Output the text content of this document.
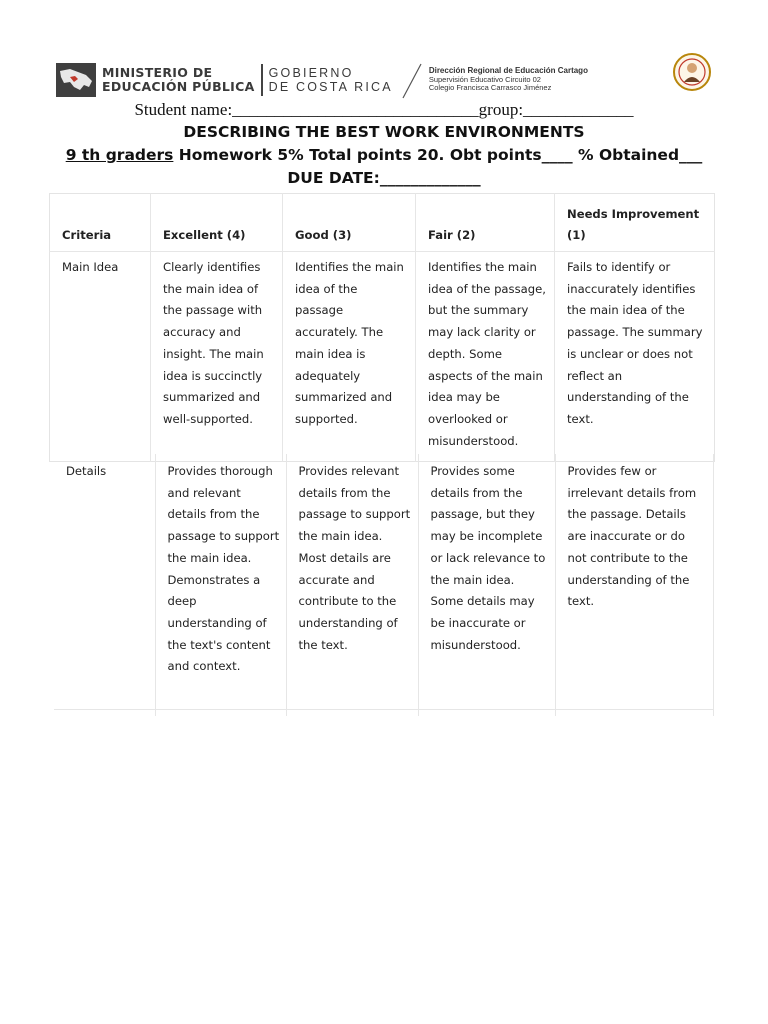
MINISTERIO DE
EDUCACIÓN PÚBLICA
GOBIERNO
DE COSTA RICA
Dirección Regional de Educación Cartago
Supervisión Educativo Circuito 02
Colegio Francisca Carrasco Jiménez
Student name:_____________________________group:_____________
DESCRIBING THE BEST WORK ENVIRONMENTS
9 th graders Homework 5% Total points 20. Obt points____ % Obtained___
DUE DATE:_____________
Criteria	Excellent (4)	Good (3)	Fair (2)	Needs Improvement (1)
Main Idea	Clearly identifies the main idea of the passage with accuracy and insight. The main idea is succinctly summarized and well-supported.	Identifies the main idea of the passage accurately. The main idea is adequately summarized and supported.	Identifies the main idea of the passage, but the summary may lack clarity or depth. Some aspects of the main idea may be overlooked or misunderstood.	Fails to identify or inaccurately identifies the main idea of the passage. The summary is unclear or does not reflect an understanding of the text.
Details	Provides thorough and relevant details from the passage to support the main idea. Demonstrates a deep understanding of the text's content and context.	Provides relevant details from the passage to support the main idea. Most details are accurate and contribute to the understanding of the text.	Provides some details from the passage, but they may be incomplete or lack relevance to the main idea. Some details may be inaccurate or misunderstood.	Provides few or irrelevant details from the passage. Details are inaccurate or do not contribute to the understanding of the text.
